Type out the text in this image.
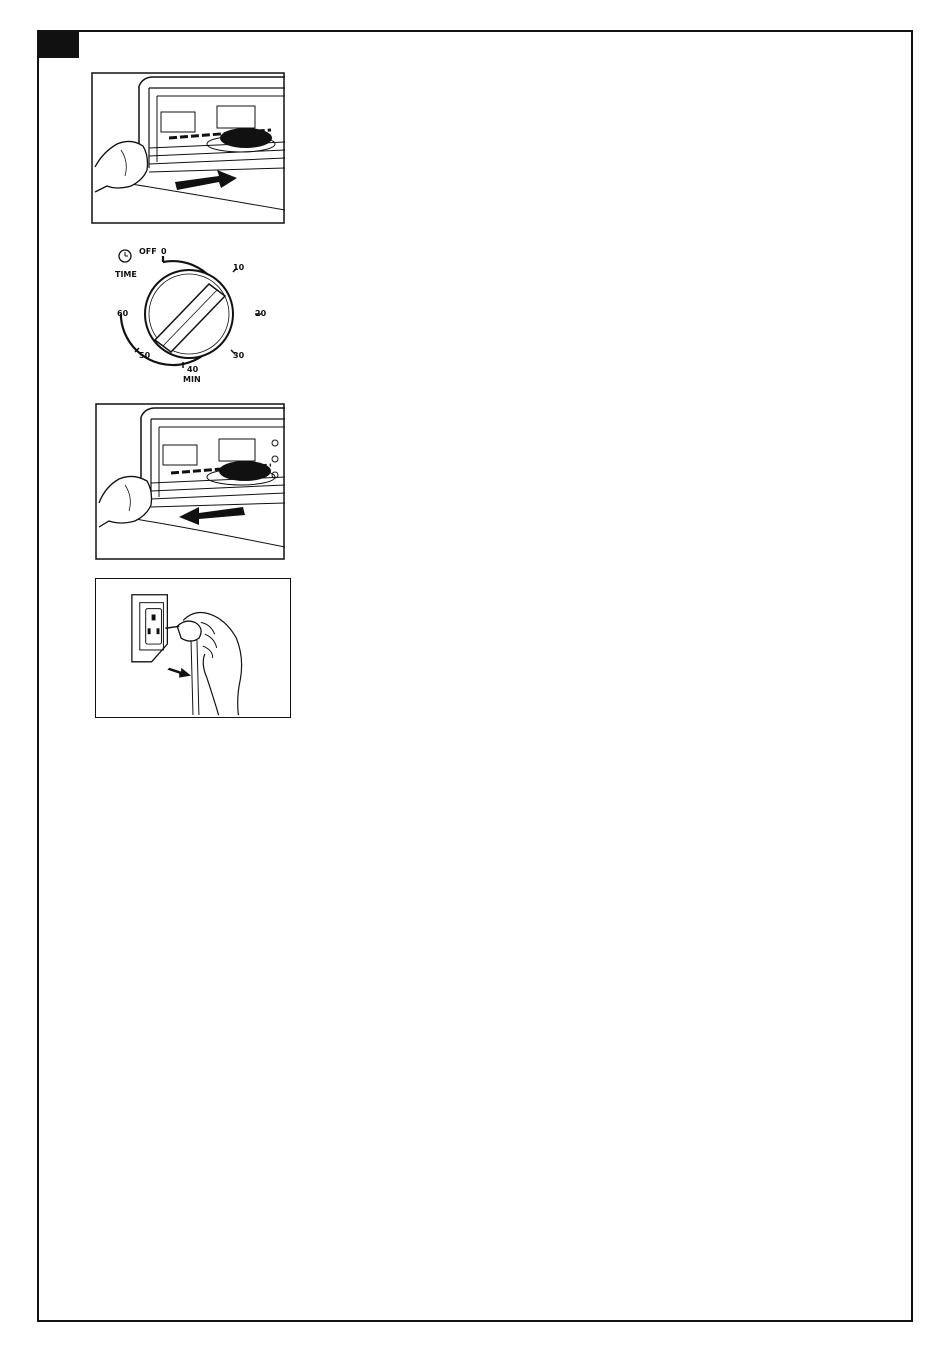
TIME
OFF 0
10
20
30
40
MIN
50
60
